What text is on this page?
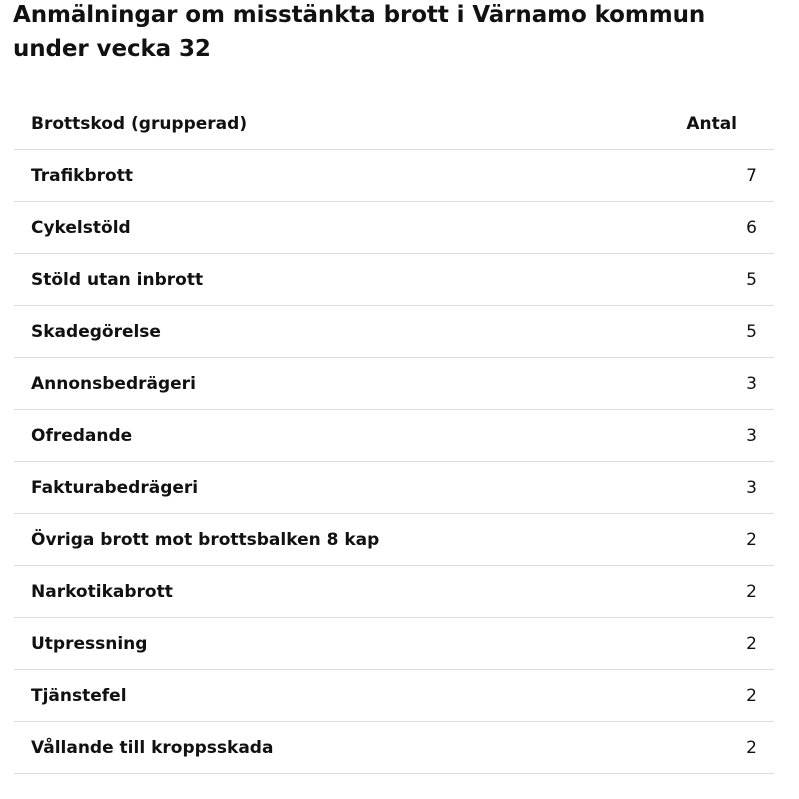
Anmälningar om misstänkta brott i Värnamo kommun under vecka 32
Brottskod (grupperad)	Antal
Trafikbrott	7
Cykelstöld	6
Stöld utan inbrott	5
Skadegörelse	5
Annonsbedrägeri	3
Ofredande	3
Fakturabedrägeri	3
Övriga brott mot brottsbalken 8 kap	2
Narkotikabrott	2
Utpressning	2
Tjänstefel	2
Vållande till kroppsskada	2
